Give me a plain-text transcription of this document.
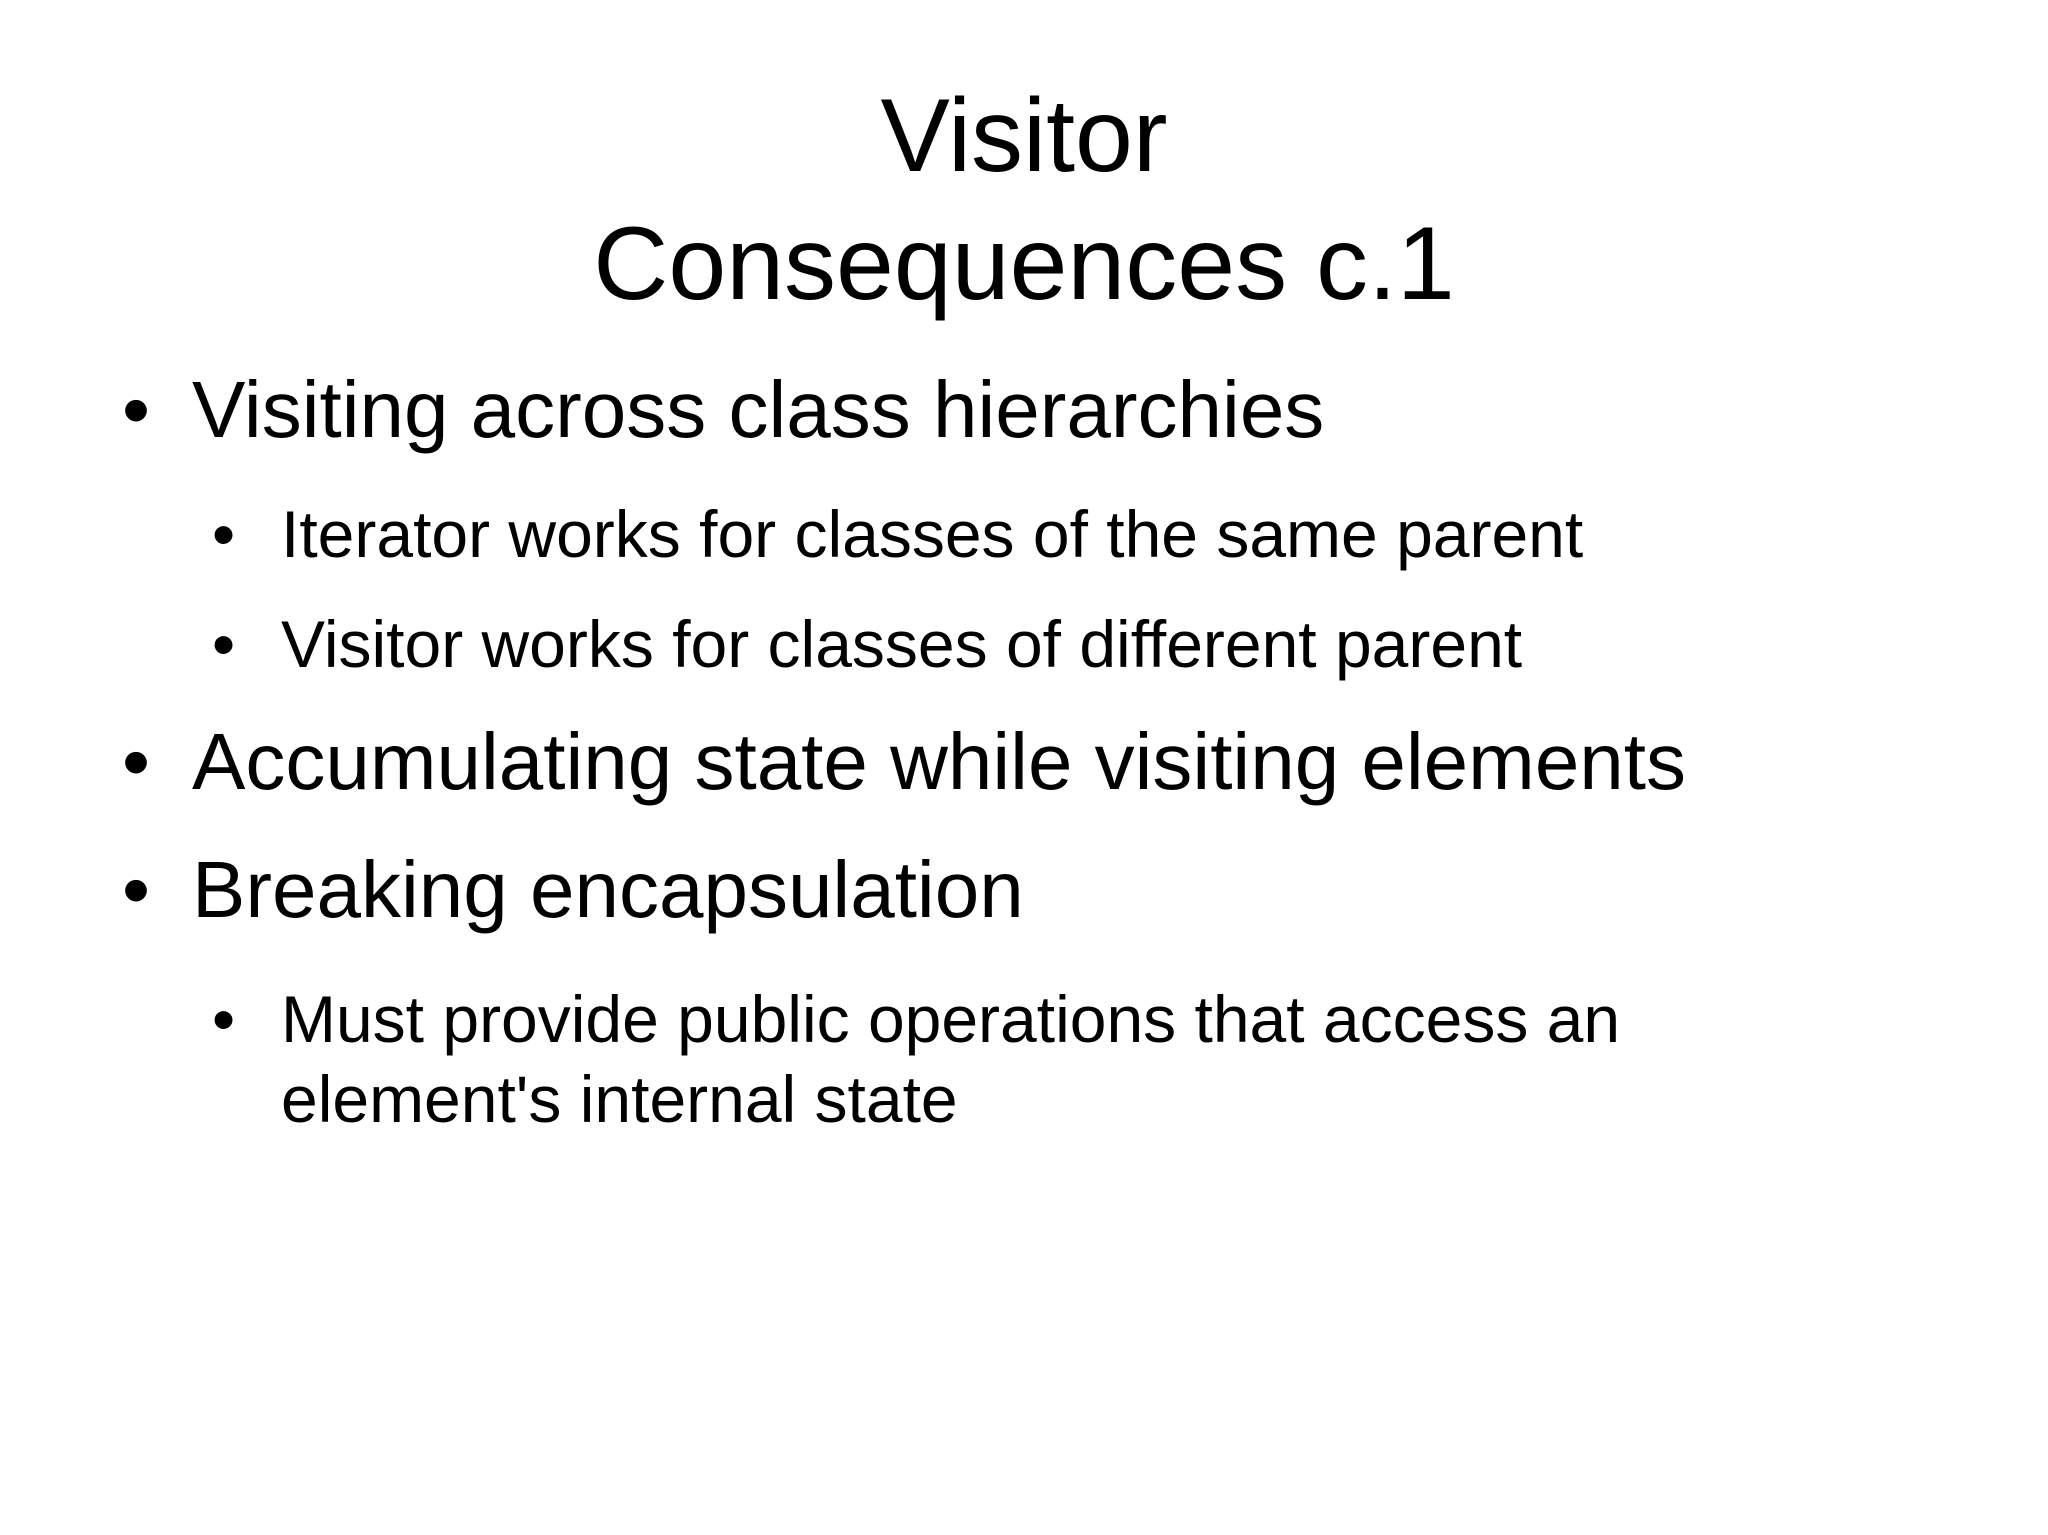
Visitor
Consequences c.1
• Visiting across class hierarchies
• Iterator works for classes of the same parent
• Visitor works for classes of different parent
• Accumulating state while visiting elements
• Breaking encapsulation
• Must provide public operations that access an element's internal state
